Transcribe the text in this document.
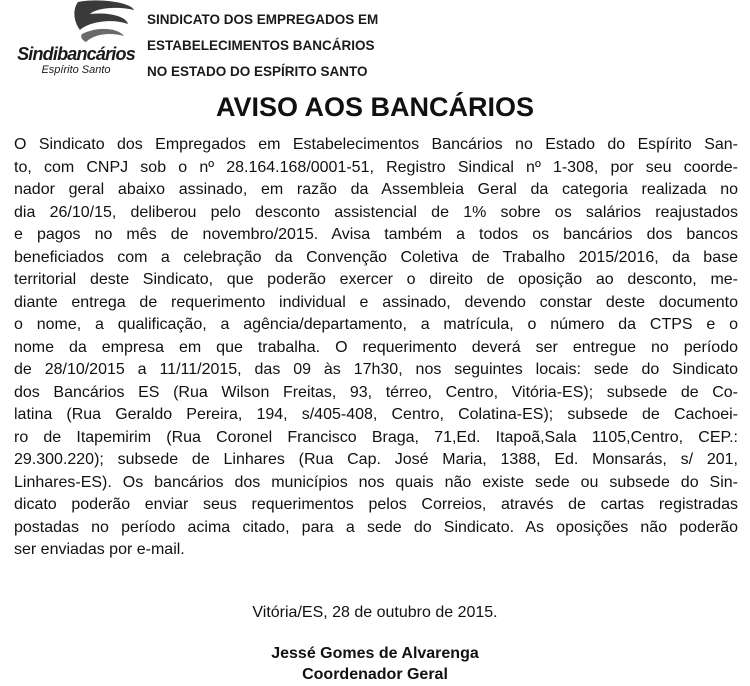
Sindibancários
Espírito Santo
SINDICATO DOS EMPREGADOS EM
ESTABELECIMENTOS BANCÁRIOS
NO ESTADO DO ESPÍRITO SANTO
AVISO AOS BANCÁRIOS
O Sindicato dos Empregados em Estabelecimentos Bancários no Estado do Espírito San-
to, com CNPJ sob o nº 28.164.168/0001-51, Registro Sindical nº 1-308, por seu coorde-
nador geral abaixo assinado, em razão da Assembleia Geral da categoria realizada no
dia 26/10/15, deliberou pelo desconto assistencial de 1% sobre os salários reajustados
e pagos no mês de novembro/2015. Avisa também a todos os bancários dos bancos
beneficiados com a celebração da Convenção Coletiva de Trabalho 2015/2016, da base
territorial deste Sindicato, que poderão exercer o direito de oposição ao desconto, me-
diante entrega de requerimento individual e assinado, devendo constar deste documento
o nome, a qualificação, a agência/departamento, a matrícula, o número da CTPS e o
nome da empresa em que trabalha. O requerimento deverá ser entregue no período
de 28/10/2015 a 11/11/2015, das 09 às 17h30, nos seguintes locais: sede do Sindicato
dos Bancários ES (Rua Wilson Freitas, 93, térreo, Centro, Vitória-ES); subsede de Co-
latina (Rua Geraldo Pereira, 194, s/405-408, Centro, Colatina-ES); subsede de Cachoei-
ro de Itapemirim (Rua Coronel Francisco Braga, 71,Ed. Itapoã,Sala 1105,Centro, CEP.:
29.300.220); subsede de Linhares (Rua Cap. José Maria, 1388, Ed. Monsarás, s/ 201,
Linhares-ES). Os bancários dos municípios nos quais não existe sede ou subsede do Sin-
dicato poderão enviar seus requerimentos pelos Correios, através de cartas registradas
postadas no período acima citado, para a sede do Sindicato. As oposições não poderão
ser enviadas por e-mail.
Vitória/ES, 28 de outubro de 2015.
Jessé Gomes de Alvarenga
Coordenador Geral
